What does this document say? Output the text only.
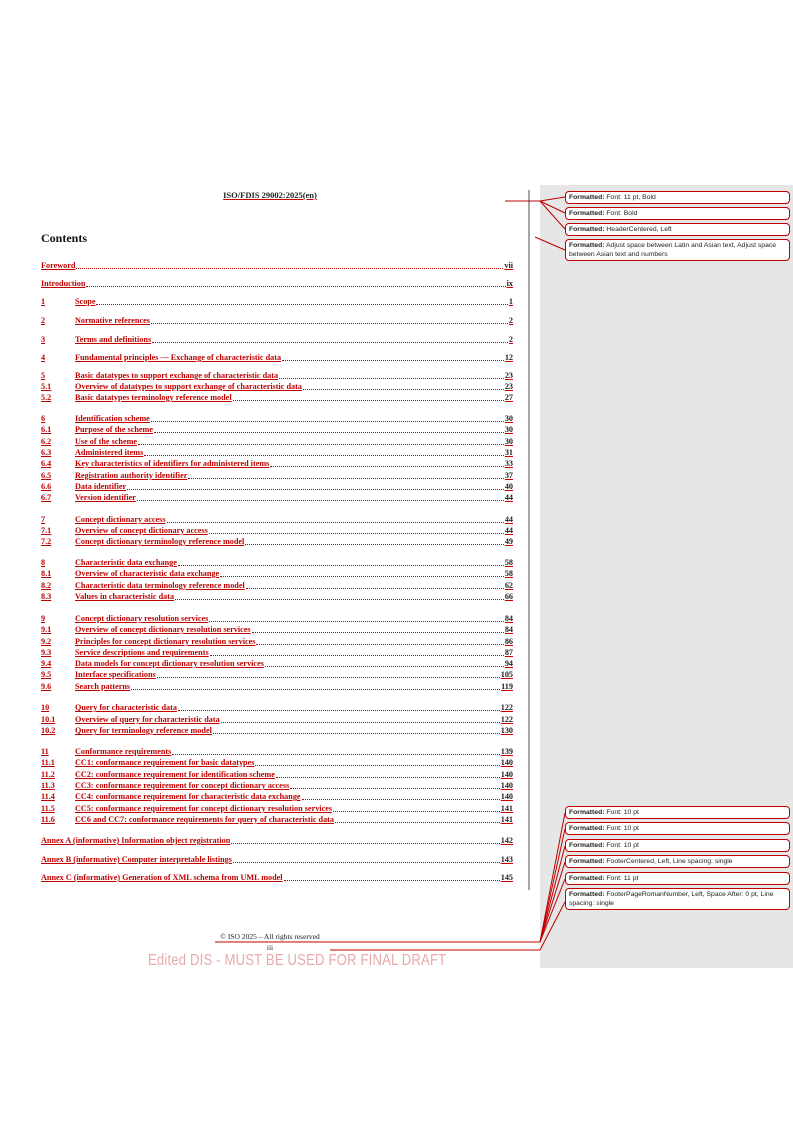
ISO/FDIS 29002:2025(en)
Contents
Foreword	vii
Introduction	ix
1	Scope	1
2	Normative references	2
3	Terms and definitions	2
4	Fundamental principles — Exchange of characteristic data	12
5	Basic datatypes to support exchange of characteristic data	23
5.1	Overview of datatypes to support exchange of characteristic data	23
5.2	Basic datatypes terminology reference model	27
6	Identification scheme	30
6.1	Purpose of the scheme	30
6.2	Use of the scheme	30
6.3	Administered items	31
6.4	Key characteristics of identifiers for administered items	33
6.5	Registration authority identifier	37
6.6	Data identifier	40
6.7	Version identifier	44
7	Concept dictionary access	44
7.1	Overview of concept dictionary access	44
7.2	Concept dictionary terminology reference model	49
8	Characteristic data exchange	58
8.1	Overview of characteristic data exchange	58
8.2	Characteristic data terminology reference model	62
8.3	Values in characteristic data	66
9	Concept dictionary resolution services	84
9.1	Overview of concept dictionary resolution services	84
9.2	Principles for concept dictionary resolution services	86
9.3	Service descriptions and requirements	87
9.4	Data models for concept dictionary resolution services	94
9.5	Interface specifications	105
9.6	Search patterns	119
10	Query for characteristic data	122
10.1	Overview of query for characteristic data	122
10.2	Query for terminology reference model	130
11	Conformance requirements	139
11.1	CC1: conformance requirement for basic datatypes	140
11.2	CC2: conformance requirement for identification scheme	140
11.3	CC3: conformance requirement for concept dictionary access	140
11.4	CC4: conformance requirement for characteristic data exchange	140
11.5	CC5: conformance requirement for concept dictionary resolution services	141
11.6	CC6 and CC7: conformance requirements for query of characteristic data	141
Annex A (informative) Information object registration	142
Annex B (informative) Computer interpretable listings	143
Annex C (informative) Generation of XML schema from UML model	145
Formatted: Font: 11 pt, Bold
Formatted: Font: Bold
Formatted: HeaderCentered, Left
Formatted: Adjust space between Latin and Asian text, Adjust space between Asian text and numbers
Formatted: Font: 10 pt
Formatted: Font: 10 pt
Formatted: Font: 10 pt
Formatted: FooterCentered, Left, Line spacing: single
Formatted: Font: 11 pt
Formatted: FooterPageRomanNumber, Left, Space After: 0 pt, Line spacing: single
© ISO 2025 – All rights reserved
iii
Edited DIS - MUST BE USED FOR FINAL DRAFT
